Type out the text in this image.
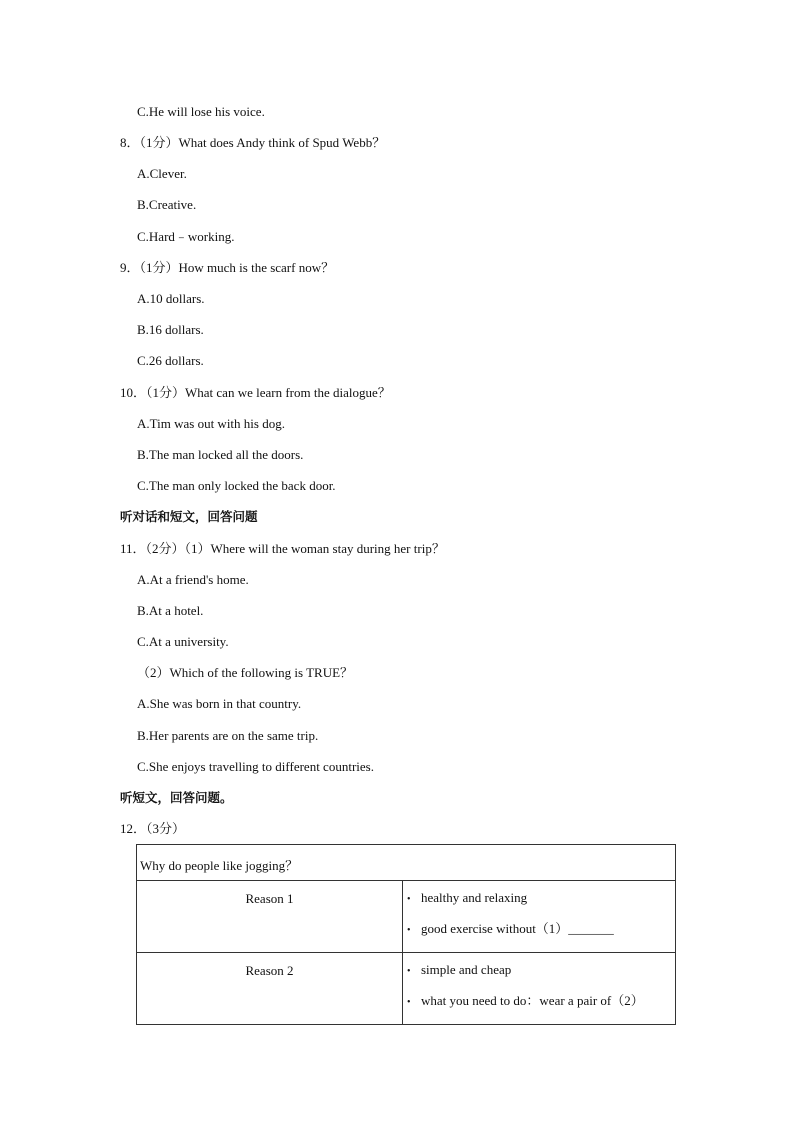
C.He will lose his voice.
8．（1分）What does Andy think of Spud Webb？
A.Clever.
B.Creative.
C.Hard﹣working.
9．（1分）How much is the scarf now？
A.10 dollars.
B.16 dollars.
C.26 dollars.
10．（1分）What can we learn from the dialogue？
A.Tim was out with his dog.
B.The man locked all the doors.
C.The man only locked the back door.
听对话和短文，回答问题
11．（2分）（1）Where will the woman stay during her trip？
A.At a friend's home.
B.At a hotel.
C.At a university.
（2）Which of the following is TRUE？
A.She was born in that country.
B.Her parents are on the same trip.
C.She enjoys travelling to different countries.
听短文，回答问题。
12．（3分）
Why do people like jogging？	

Reason 1	• healthy and relaxing
• good exercise without（1）_______

Reason 2	• simple and cheap
• what you need to do：wear a pair of（2）
